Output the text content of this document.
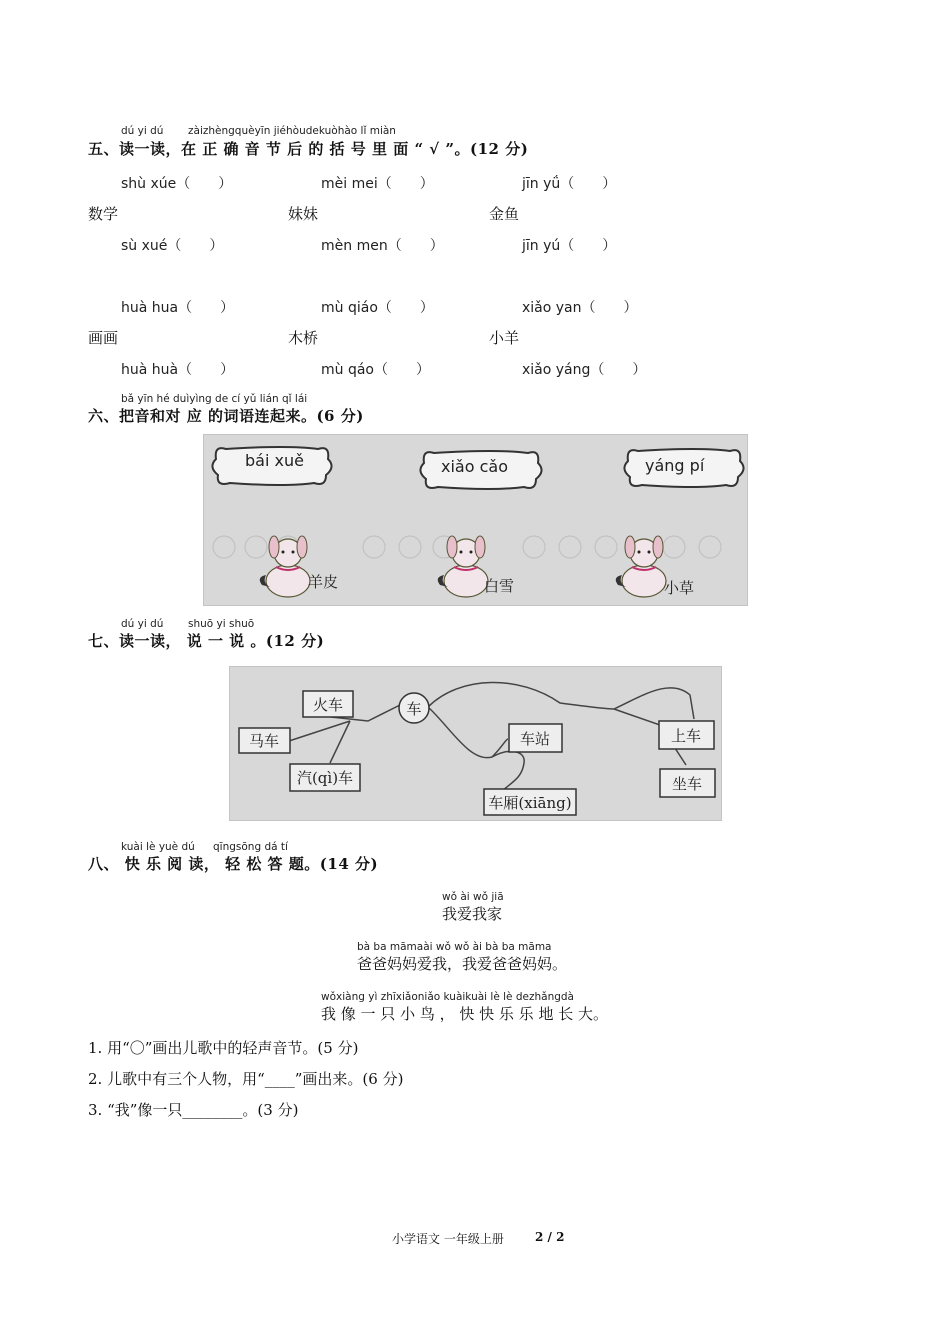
dú yi dú zàizhèngquèyīn jiéhòudekuòhào lǐ miàn
五、读一读，在 正 确 音 节 后 的 括 号 里 面 “ √ ”。(12 分)
shù xúe（　　）	mèi mei（　　）	jīn yǘ（　　）
数学	妹妹	金鱼
sù xué（　　）	mèn men（　　）	jīn yú（　　）
huà hua（　　）	mù qiáo（　　）	xiǎo yan（　　）
画画	木桥	小羊
huà huà（　　）	mù qáo（　　）	xiǎo yáng（　　）
bǎ yīn hé duìyìng de cí yǔ lián qǐ lái
六、把音和对 应 的词语连起来。(6 分)
bái xuě	xiǎo cǎo	yáng pí
羊皮	白雪	小草
dú yi dú shuō yi shuō
七、读一读， 说 一 说 。(12 分)
火车
马车
汽(qì)车
车
车站
车厢(xiāng)
上车
坐车
kuài lè yuè dú qīngsōng dá tí
八、 快 乐 阅 读， 轻 松 答 题。(14 分)
wǒ ài wǒ jiā
我爱我家
bà ba māmaài wǒ wǒ ài bà ba māma
爸爸妈妈爱我，我爱爸爸妈妈。
wǒxiàng yì zhīxiǎoniǎo kuàikuài lè lè dezhǎngdà
我 像 一 只 小 鸟 ， 快 快 乐 乐 地 长 大。
1. 用“〇”画出儿歌中的轻声音节。(5 分)
2. 儿歌中有三个人物，用“____”画出来。(6 分)
3. “我”像一只________。(3 分)
小学语文 一年级上册	2 / 2
